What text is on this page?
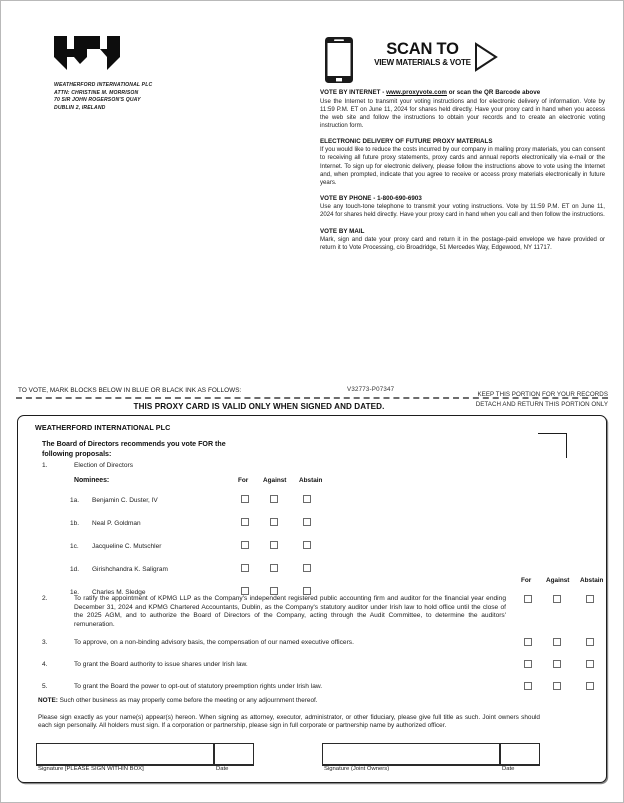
WEATHERFORD INTERNATIONAL PLC
ATTN: CHRISTINE M. MORRISON
70 SIR JOHN ROGERSON'S QUAY
DUBLIN 2, IRELAND
SCAN TO
VIEW MATERIALS & VOTE
VOTE BY INTERNET - www.proxyvote.com or scan the QR Barcode above
Use the Internet to transmit your voting instructions and for electronic delivery of information. Vote by 11:59 P.M. ET on June 11, 2024 for shares held directly. Have your proxy card in hand when you access the web site and follow the instructions to obtain your records and to create an electronic voting instruction form.
ELECTRONIC DELIVERY OF FUTURE PROXY MATERIALS
If you would like to reduce the costs incurred by our company in mailing proxy materials, you can consent to receiving all future proxy statements, proxy cards and annual reports electronically via e-mail or the Internet. To sign up for electronic delivery, please follow the instructions above to vote using the Internet and, when prompted, indicate that you agree to receive or access proxy materials electronically in future years.
VOTE BY PHONE - 1-800-690-6903
Use any touch-tone telephone to transmit your voting instructions. Vote by 11:59 P.M. ET on June 11, 2024 for shares held directly. Have your proxy card in hand when you call and then follow the instructions.
VOTE BY MAIL
Mark, sign and date your proxy card and return it in the postage-paid envelope we have provided or return it to Vote Processing, c/o Broadridge, 51 Mercedes Way, Edgewood, NY 11717.
TO VOTE, MARK BLOCKS BELOW IN BLUE OR BLACK INK AS FOLLOWS:	V32773-P07347
KEEP THIS PORTION FOR YOUR RECORDS
DETACH AND RETURN THIS PORTION ONLY
THIS PROXY CARD IS VALID ONLY WHEN SIGNED AND DATED.
WEATHERFORD INTERNATIONAL PLC
The Board of Directors recommends you vote FOR the following proposals:
1.	Election of Directors
Nominees:	For Against Abstain
1a. Benjamin C. Duster, IV
1b. Neal P. Goldman
1c. Jacqueline C. Mutschler
1d. Girishchandra K. Saligram
1e. Charles M. Sledge
For Against Abstain
2.	To ratify the appointment of KPMG LLP as the Company's independent registered public accounting firm and auditor for the financial year ending December 31, 2024 and KPMG Chartered Accountants, Dublin, as the Company's statutory auditor under Irish law to hold office until the close of the 2025 AGM, and to authorize the Board of Directors of the Company, acting through the Audit Committee, to determine the auditors' remuneration.
3.	To approve, on a non-binding advisory basis, the compensation of our named executive officers.
4.	To grant the Board authority to issue shares under Irish law.
5.	To grant the Board the power to opt-out of statutory preemption rights under Irish law.
NOTE: Such other business as may properly come before the meeting or any adjournment thereof.
Please sign exactly as your name(s) appear(s) hereon. When signing as attorney, executor, administrator, or other fiduciary, please give full title as such. Joint owners should each sign personally. All holders must sign. If a corporation or partnership, please sign in full corporate or partnership name by authorized officer.
Signature [PLEASE SIGN WITHIN BOX]	Date	Signature (Joint Owners)	Date
